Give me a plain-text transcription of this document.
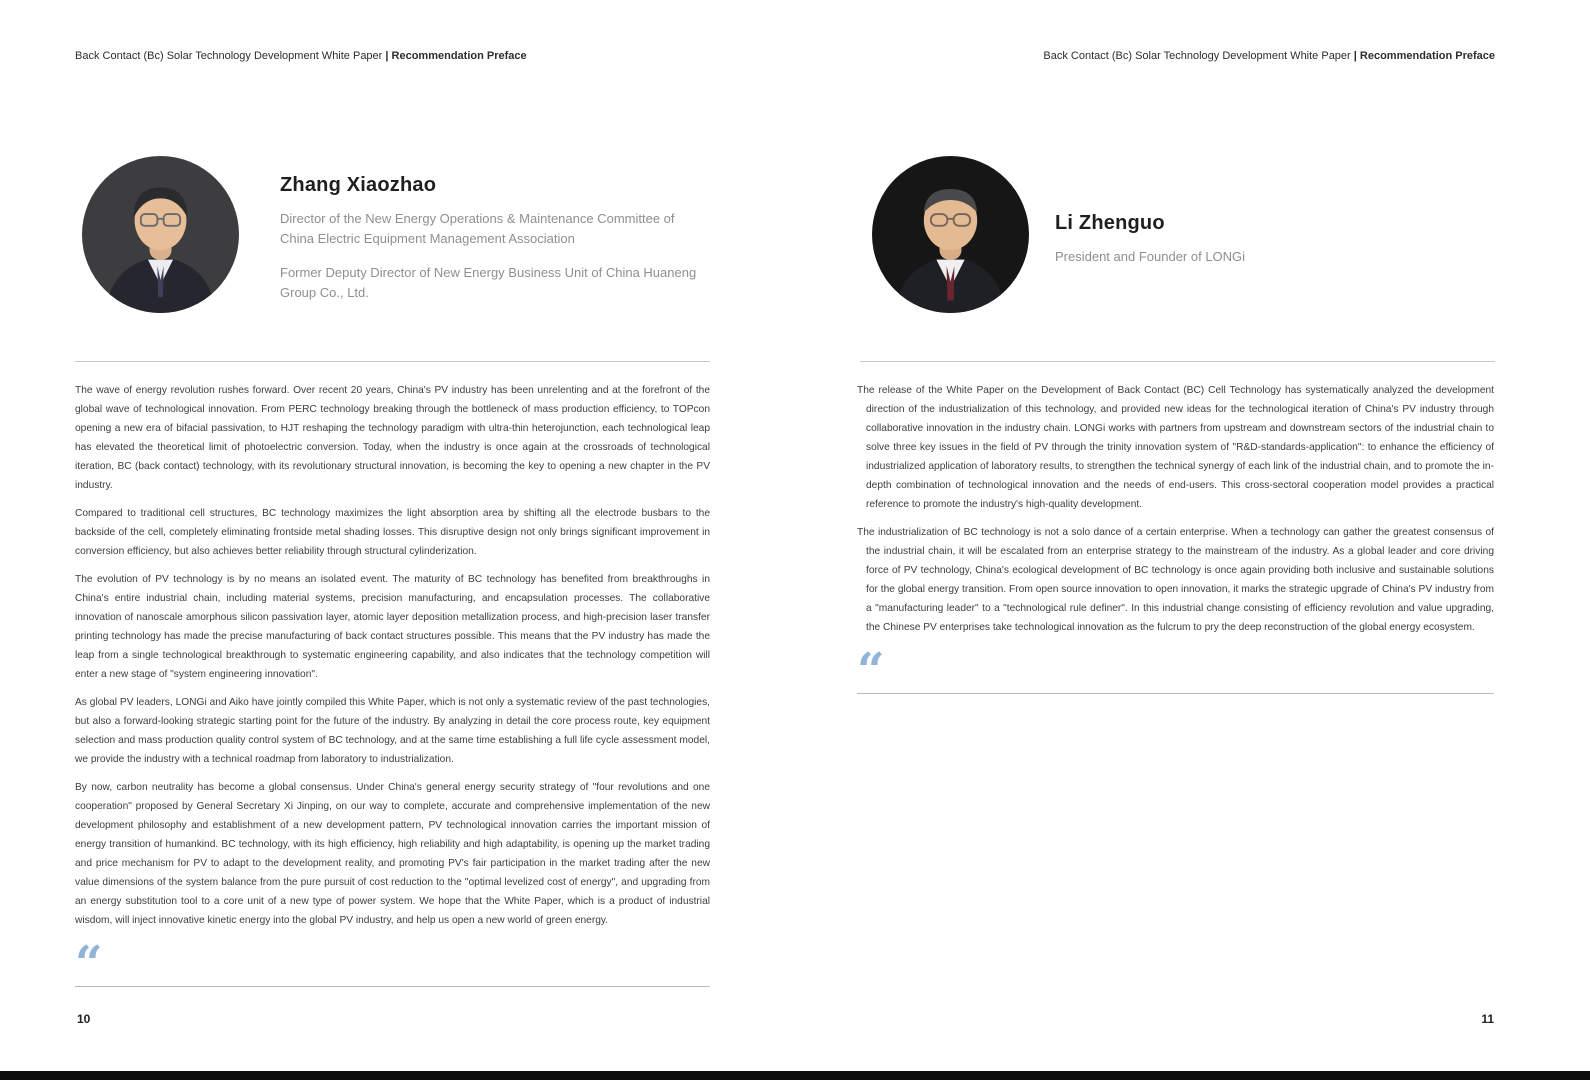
Back Contact (Bc) Solar Technology Development White Paper | Recommendation Preface
Zhang Xiaozhao

Director of the New Energy Operations & Maintenance Committee of China Electric Equipment Management Association

Former Deputy Director of New Energy Business Unit of China Huaneng Group Co., Ltd.

The wave of energy revolution rushes forward. Over recent 20 years, China's PV industry has been unrelenting and at the forefront of the global wave of technological innovation. From PERC technology breaking through the bottleneck of mass production efficiency, to TOPcon opening a new era of bifacial passivation, to HJT reshaping the technology paradigm with ultra-thin heterojunction, each technological leap has elevated the theoretical limit of photoelectric conversion. Today, when the industry is once again at the crossroads of technological iteration, BC (back contact) technology, with its revolutionary structural innovation, is becoming the key to opening a new chapter in the PV industry.

Compared to traditional cell structures, BC technology maximizes the light absorption area by shifting all the electrode busbars to the backside of the cell, completely eliminating frontside metal shading losses. This disruptive design not only brings significant improvement in conversion efficiency, but also achieves better reliability through structural cylinderization.

The evolution of PV technology is by no means an isolated event. The maturity of BC technology has benefited from breakthroughs in China's entire industrial chain, including material systems, precision manufacturing, and encapsulation processes. The collaborative innovation of nanoscale amorphous silicon passivation layer, atomic layer deposition metallization process, and high-precision laser transfer printing technology has made the precise manufacturing of back contact structures possible. This means that the PV industry has made the leap from a single technological breakthrough to systematic engineering capability, and also indicates that the technology competition will enter a new stage of "system engineering innovation".

As global PV leaders, LONGi and Aiko have jointly compiled this White Paper, which is not only a systematic review of the past technologies, but also a forward-looking strategic starting point for the future of the industry. By analyzing in detail the core process route, key equipment selection and mass production quality control system of BC technology, and at the same time establishing a full life cycle assessment model, we provide the industry with a technical roadmap from laboratory to industrialization.

By now, carbon neutrality has become a global consensus. Under China's general energy security strategy of "four revolutions and one cooperation" proposed by General Secretary Xi Jinping, on our way to complete, accurate and comprehensive implementation of the new development philosophy and establishment of a new development pattern, PV technological innovation carries the important mission of energy transition of humankind. BC technology, with its high efficiency, high reliability and high adaptability, is opening up the market trading and price mechanism for PV to adapt to the development reality, and promoting PV's fair participation in the market trading after the new value dimensions of the system balance from the pure pursuit of cost reduction to the "optimal levelized cost of energy", and upgrading from an energy substitution tool to a core unit of a new type of power system. We hope that the White Paper, which is a product of industrial wisdom, will inject innovative kinetic energy into the global PV industry, and help us open a new world of green energy.

“
10
Back Contact (Bc) Solar Technology Development White Paper | Recommendation Preface
Li Zhenguo

President and Founder of LONGi

The release of the White Paper on the Development of Back Contact (BC) Cell Technology has systematically analyzed the development direction of the industrialization of this technology, and provided new ideas for the technological iteration of China's PV industry through collaborative innovation in the industry chain. LONGi works with partners from upstream and downstream sectors of the industrial chain to solve three key issues in the field of PV through the trinity innovation system of "R&D-standards-application": to enhance the efficiency of industrialized application of laboratory results, to strengthen the technical synergy of each link of the industrial chain, and to promote the in-depth combination of technological innovation and the needs of end-users. This cross-sectoral cooperation model provides a practical reference to promote the industry's high-quality development.

The industrialization of BC technology is not a solo dance of a certain enterprise. When a technology can gather the greatest consensus of the industrial chain, it will be escalated from an enterprise strategy to the mainstream of the industry. As a global leader and core driving force of PV technology, China's ecological development of BC technology is once again providing both inclusive and sustainable solutions for the global energy transition. From open source innovation to open innovation, it marks the strategic upgrade of China's PV industry from a "manufacturing leader" to a "technological rule definer". In this industrial change consisting of efficiency revolution and value upgrading, the Chinese PV enterprises take technological innovation as the fulcrum to pry the deep reconstruction of the global energy ecosystem.

“
11
